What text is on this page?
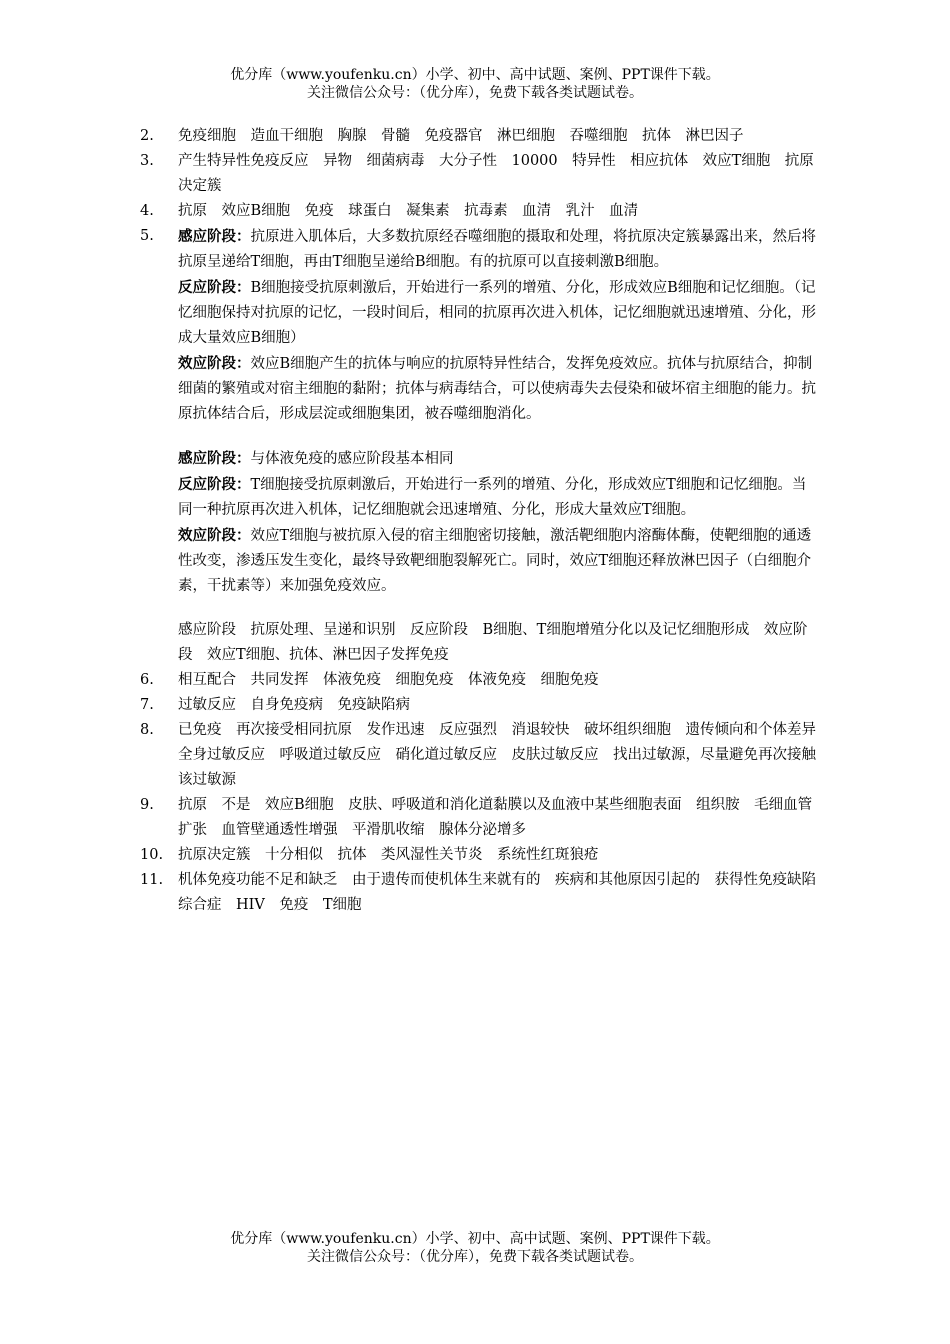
优分库（www.youfenku.cn）小学、初中、高中试题、案例、PPT课件下载。
关注微信公众号：（优分库），免费下载各类试题试卷。
2.	免疫细胞　造血干细胞　胸腺　骨髓　免疫器官　淋巴细胞　吞噬细胞　抗体　淋巴因子
3.	产生特异性免疫反应　异物　细菌病毒　大分子性　10000　特异性　相应抗体　效应T细胞　抗原决定簇
4.	抗原　效应B细胞　免疫　球蛋白　凝集素　抗毒素　血清　乳汁　血清
5.	感应阶段：抗原进入肌体后，大多数抗原经吞噬细胞的摄取和处理，将抗原决定簇暴露出来，然后将抗原呈递给T细胞，再由T细胞呈递给B细胞。有的抗原可以直接刺激B细胞。
反应阶段：B细胞接受抗原刺激后，开始进行一系列的增殖、分化，形成效应B细胞和记忆细胞。（记忆细胞保持对抗原的记忆，一段时间后，相同的抗原再次进入机体，记忆细胞就迅速增殖、分化，形成大量效应B细胞）
效应阶段：效应B细胞产生的抗体与响应的抗原特异性结合，发挥免疫效应。抗体与抗原结合，抑制细菌的繁殖或对宿主细胞的黏附；抗体与病毒结合，可以使病毒失去侵染和破坏宿主细胞的能力。抗原抗体结合后，形成层淀或细胞集团，被吞噬细胞消化。
感应阶段：与体液免疫的感应阶段基本相同
反应阶段：T细胞接受抗原刺激后，开始进行一系列的增殖、分化，形成效应T细胞和记忆细胞。当同一种抗原再次进入机体，记忆细胞就会迅速增殖、分化，形成大量效应T细胞。
效应阶段：效应T细胞与被抗原入侵的宿主细胞密切接触，激活靶细胞内溶酶体酶，使靶细胞的通透性改变，渗透压发生变化，最终导致靶细胞裂解死亡。同时，效应T细胞还释放淋巴因子（白细胞介素，干扰素等）来加强免疫效应。
感应阶段　抗原处理、呈递和识别　反应阶段　B细胞、T细胞增殖分化以及记忆细胞形成　效应阶段　效应T细胞、抗体、淋巴因子发挥免疫
6.	相互配合　共同发挥　体液免疫　细胞免疫　体液免疫　细胞免疫
7.	过敏反应　自身免疫病　免疫缺陷病
8.	已免疫　再次接受相同抗原　发作迅速　反应强烈　消退较快　破坏组织细胞　遗传倾向和个体差异　全身过敏反应　呼吸道过敏反应　硝化道过敏反应　皮肤过敏反应　找出过敏源，尽量避免再次接触该过敏源
9.	抗原　不是　效应B细胞　皮肤、呼吸道和消化道黏膜以及血液中某些细胞表面　组织胺　毛细血管扩张　血管壁通透性增强　平滑肌收缩　腺体分泌增多
10.	抗原决定簇　十分相似　抗体　类风湿性关节炎　系统性红斑狼疮
11.	机体免疫功能不足和缺乏　由于遗传而使机体生来就有的　疾病和其他原因引起的　获得性免疫缺陷综合症　HIV　免疫　T细胞
优分库（www.youfenku.cn）小学、初中、高中试题、案例、PPT课件下载。
关注微信公众号：（优分库），免费下载各类试题试卷。
